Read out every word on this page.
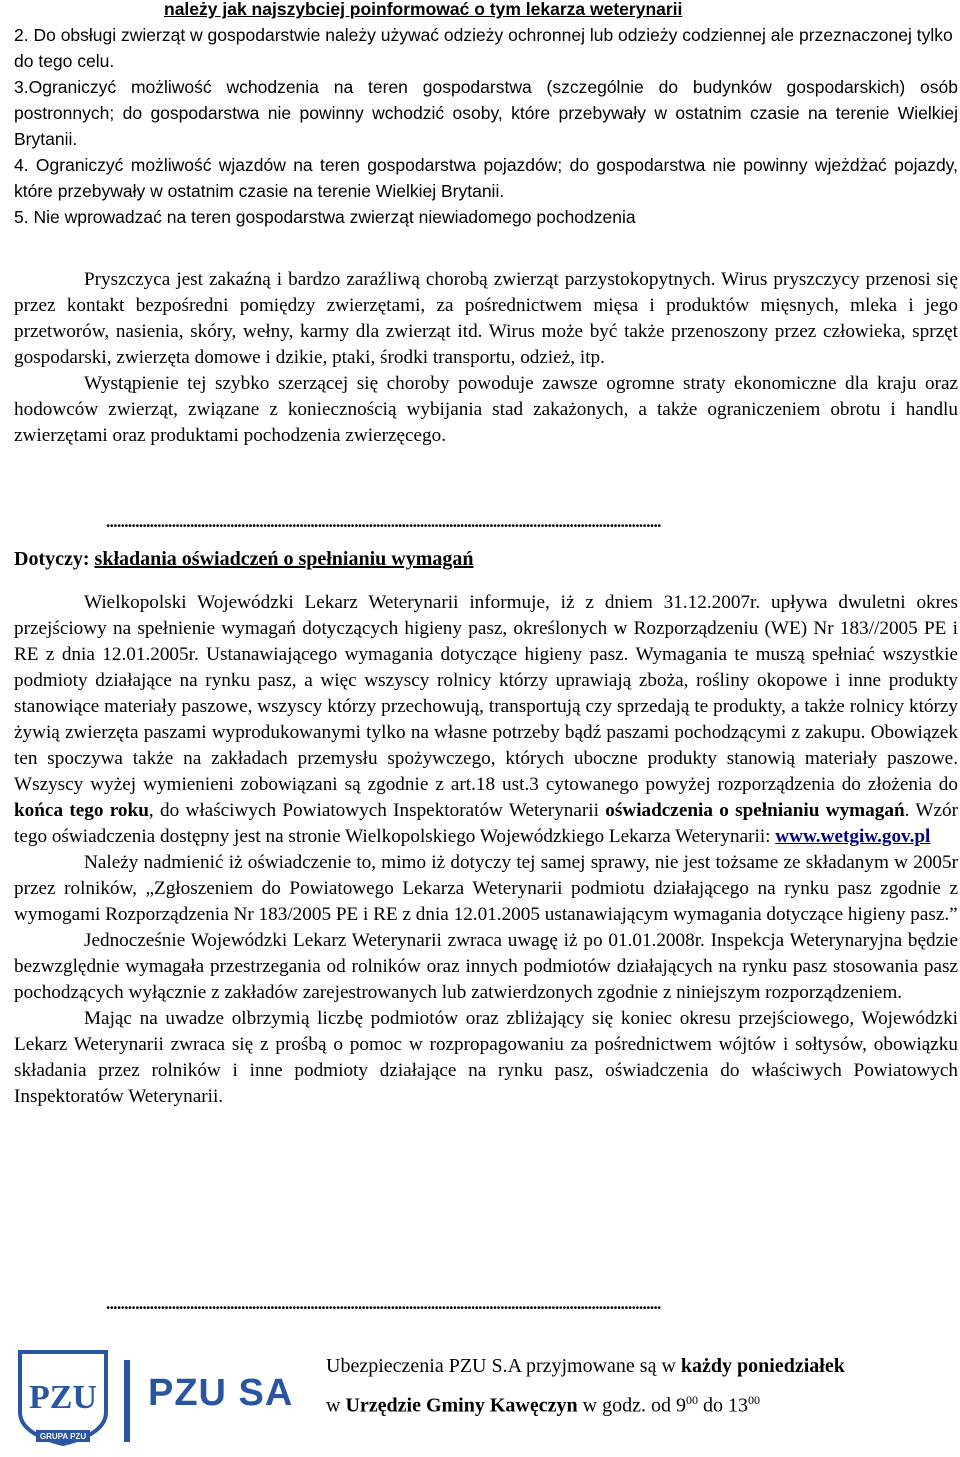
należy jak najszybciej poinformować o tym lekarza weterynarii

2. Do obsługi zwierząt w gospodarstwie należy używać odzieży ochronnej lub odzieży codziennej ale przeznaczonej tylko do tego celu.

3.Ograniczyć możliwość wchodzenia na teren gospodarstwa (szczególnie do budynków gospodarskich) osób postronnych; do gospodarstwa nie powinny wchodzić osoby, które przebywały w ostatnim czasie na terenie Wielkiej Brytanii.

4. Ograniczyć możliwość wjazdów na teren gospodarstwa pojazdów; do gospodarstwa nie powinny wjeżdżać pojazdy, które przebywały w ostatnim czasie na terenie Wielkiej Brytanii.

5. Nie wprowadzać na teren gospodarstwa zwierząt niewiadomego pochodzenia

Pryszczyca jest zakaźną i bardzo zaraźliwą chorobą zwierząt parzystokopytnych. Wirus pryszczycy przenosi się przez kontakt bezpośredni pomiędzy zwierzętami, za pośrednictwem mięsa i produktów mięsnych, mleka i jego przetworów, nasienia, skóry, wełny, karmy dla zwierząt itd. Wirus może być także przenoszony przez człowieka, sprzęt gospodarski, zwierzęta domowe i dzikie, ptaki, środki transportu, odzież, itp.

Wystąpienie tej szybko szerzącej się choroby powoduje zawsze ogromne straty ekonomiczne dla kraju oraz hodowców zwierząt, związane z koniecznością wybijania stad zakażonych, a także ograniczeniem obrotu i handlu zwierzętami oraz produktami pochodzenia zwierzęcego.

........................................................................................................................................................
Dotyczy: składania oświadczeń o spełnianiu wymagań

Wielkopolski Wojewódzki Lekarz Weterynarii informuje, iż z dniem 31.12.2007r. upływa dwuletni okres przejściowy na spełnienie wymagań dotyczących higieny pasz, określonych w Rozporządzeniu (WE) Nr 183//2005 PE i RE z dnia 12.01.2005r. Ustanawiającego wymagania dotyczące higieny pasz. Wymagania te muszą spełniać wszystkie podmioty działające na rynku pasz, a więc wszyscy rolnicy którzy uprawiają zboża, rośliny okopowe i inne produkty stanowiące materiały paszowe, wszyscy którzy przechowują, transportują czy sprzedają te produkty, a także rolnicy którzy żywią zwierzęta paszami wyprodukowanymi tylko na własne potrzeby bądź paszami pochodzącymi z zakupu. Obowiązek ten spoczywa także na zakładach przemysłu spożywczego, których uboczne produkty stanowią materiały paszowe. Wszyscy wyżej wymienieni zobowiązani są zgodnie z art.18 ust.3 cytowanego powyżej rozporządzenia do złożenia do końca tego roku, do właściwych Powiatowych Inspektoratów Weterynarii oświadczenia o spełnianiu wymagań. Wzór tego oświadczenia dostępny jest na stronie Wielkopolskiego Wojewódzkiego Lekarza Weterynarii: www.wetgiw.gov.pl

Należy nadmienić iż oświadczenie to, mimo iż dotyczy tej samej sprawy, nie jest tożsame ze składanym w 2005r przez rolników, „Zgłoszeniem do Powiatowego Lekarza Weterynarii podmiotu działającego na rynku pasz zgodnie z wymogami Rozporządzenia Nr 183/2005 PE i RE z dnia 12.01.2005 ustanawiającym wymagania dotyczące higieny pasz.”

Jednocześnie Wojewódzki Lekarz Weterynarii zwraca uwagę iż po 01.01.2008r. Inspekcja Weterynaryjna będzie bezwzględnie wymagała przestrzegania od rolników oraz innych podmiotów działających na rynku pasz stosowania pasz pochodzących wyłącznie z zakładów zarejestrowanych lub zatwierdzonych zgodnie z niniejszym rozporządzeniem.

Mając na uwadze olbrzymią liczbę podmiotów oraz zbliżający się koniec okresu przejściowego, Wojewódzki Lekarz Weterynarii zwraca się z prośbą o pomoc w rozpropagowaniu za pośrednictwem wójtów i sołtysów, obowiązku składania przez rolników i inne podmioty działające na rynku pasz, oświadczenia do właściwych Powiatowych Inspektoratów Weterynarii.

........................................................................................................................................................
PZU
GRUPA PZU
PZU SA
Ubezpieczenia PZU S.A przyjmowane są w każdy poniedziałek
w Urzędzie Gminy Kawęczyn w godz. od $9^{00}$ do $13^{00}$
